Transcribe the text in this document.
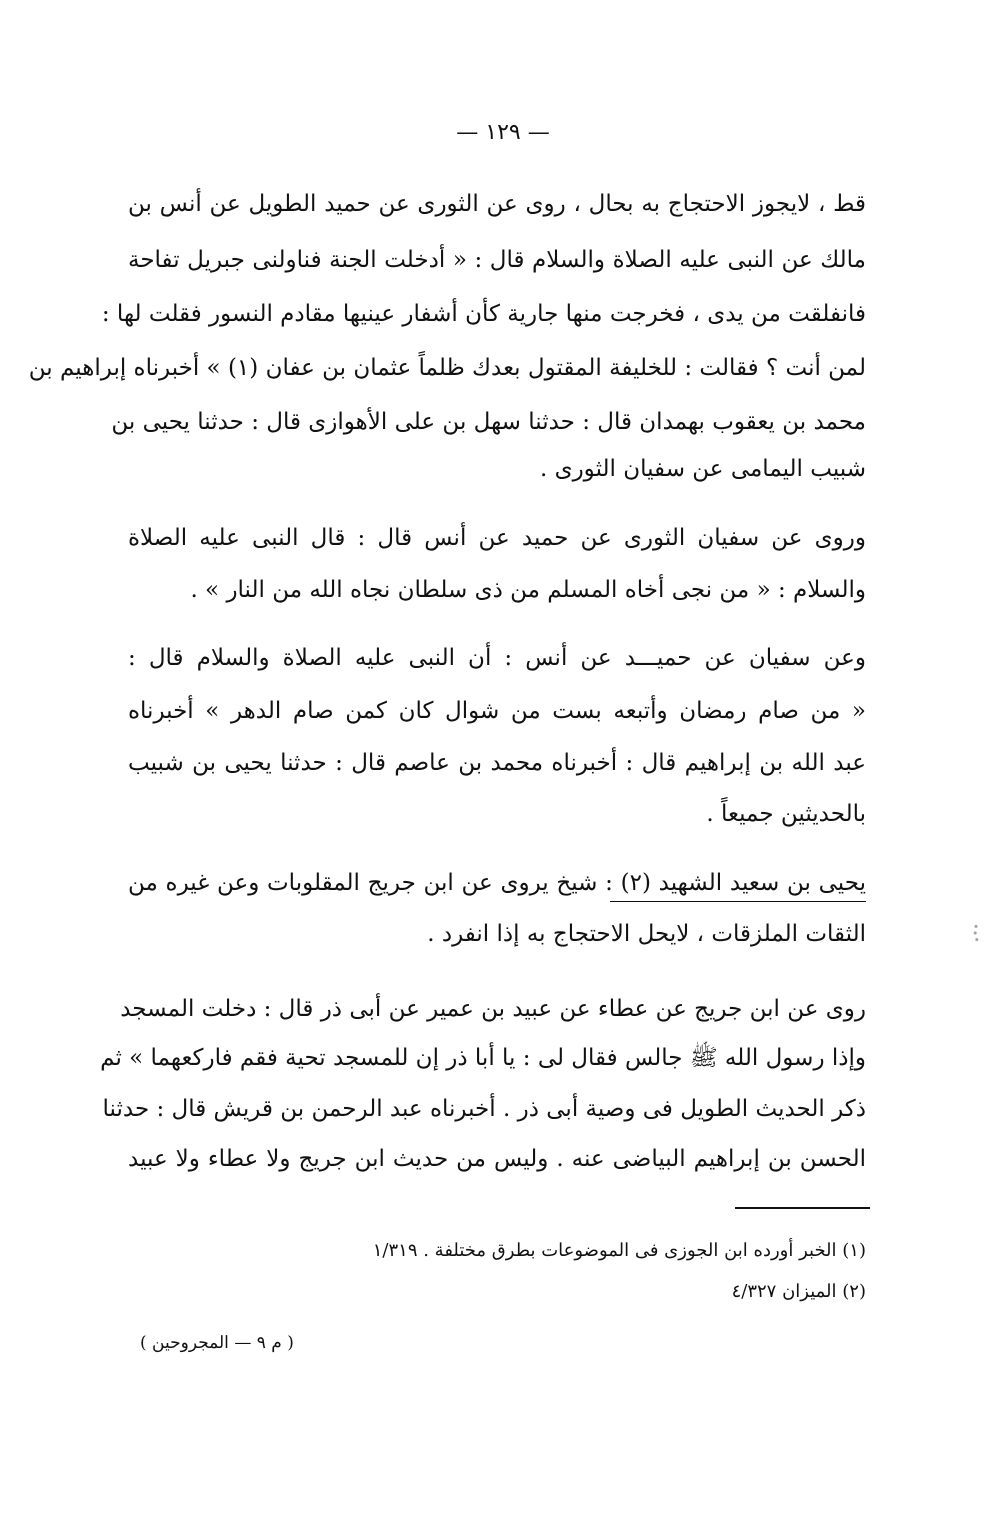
— ١٢٩ —
قط ، لايجوز الاحتجاج به بحال ، روى عن الثورى عن حميد الطويل عن أنس بن
مالك عن النبى عليه الصلاة والسلام قال : « أدخلت الجنة فناولنى جبريل تفاحة
فانفلقت من يدى ، فخرجت منها جارية كأن أشفار عينيها مقادم النسور فقلت لها :
لمن أنت ؟ فقالت : للخليفة المقتول بعدك ظلماً عثمان بن عفان (١) » أخبرناه إبراهيم بن
محمد بن يعقوب بهمدان قال : حدثنا سهل بن على الأهوازى قال : حدثنا يحيى بن
شبيب اليمامى عن سفيان الثورى .
وروى عن سفيان الثورى عن حميد عن أنس قال : قال النبى عليه الصلاة
والسلام : « من نجى أخاه المسلم من ذى سلطان نجاه الله من النار » .
وعن سفيان عن حميـــد عن أنس : أن النبى عليه الصلاة والسلام قال :
« من صام رمضان وأتبعه بست من شوال كان كمن صام الدهر » أخبرناه
عبد الله بن إبراهيم قال : أخبرناه محمد بن عاصم قال : حدثنا يحيى بن شبيب
بالحديثين جميعاً .
يحيى بن سعيد الشهيد (٢) : شيخ يروى عن ابن جريج المقلوبات وعن غيره من
الثقات الملزقات ، لايحل الاحتجاج به إذا انفرد .
روى عن ابن جريج عن عطاء عن عبيد بن عمير عن أبى ذر قال : دخلت المسجد
وإذا رسول الله ﷺ جالس فقال لى : يا أبا ذر إن للمسجد تحية فقم فاركعهما » ثم
ذكر الحديث الطويل فى وصية أبى ذر . أخبرناه عبد الرحمن بن قريش قال : حدثنا
الحسن بن إبراهيم البياضى عنه . وليس من حديث ابن جريج ولا عطاء ولا عبيد
(١) الخبر أورده ابن الجوزى فى الموضوعات بطرق مختلفة . ١/٣١٩
(٢) الميزان ٤/٣٢٧
( م ٩ — المجروحين )
